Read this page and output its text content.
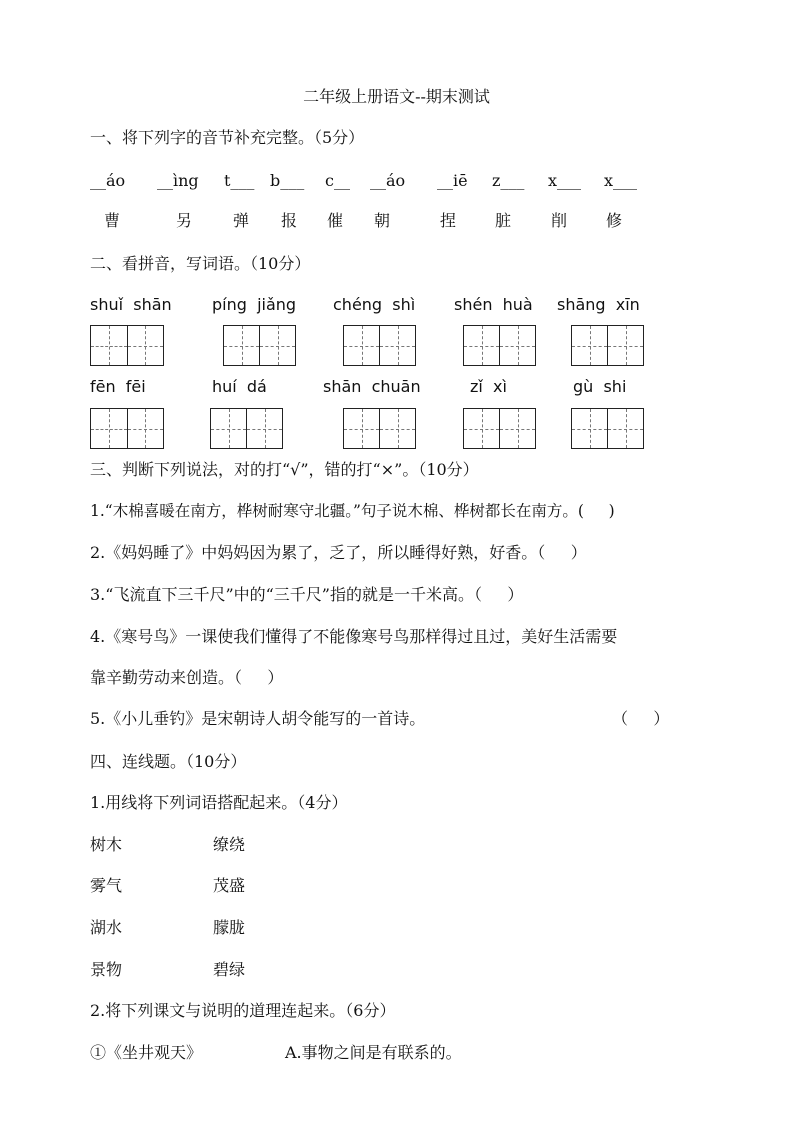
二年级上册语文--期末测试
一、将下列字的音节补充完整。（5分）
__áo __ìng t___ b___ c__ __áo __iē z___ x___ x___
曹	另	弹 报 催 朝	捏 脏 削 修
二、看拼音，写词语。（10分）
shuǐ  shān	píng  jiǎng chéng  shì shén  huà shāng  xīn
fēn  fēi	huí  dá	shān  chuān	zǐ  xì	gù  shi
三、判断下列说法，对的打“√”，错的打“×”。（10分）
1.“木棉喜暖在南方，桦树耐寒守北疆。”句子说木棉、桦树都长在南方。(     )
2.《妈妈睡了》中妈妈因为累了，乏了，所以睡得好熟，好香。（     ）
3.“飞流直下三千尺”中的“三千尺”指的就是一千米高。（     ）
4.《寒号鸟》一课使我们懂得了不能像寒号鸟那样得过且过，美好生活需要
靠辛勤劳动来创造。（     ）
5.《小儿垂钓》是宋朝诗人胡令能写的一首诗。	（     ）
四、连线题。（10分）
1.用线将下列词语搭配起来。（4分）
树木	缭绕
雾气	茂盛
湖水	朦胧
景物	碧绿
2.将下列课文与说明的道理连起来。（6分）
①《坐井观天》	A.事物之间是有联系的。
